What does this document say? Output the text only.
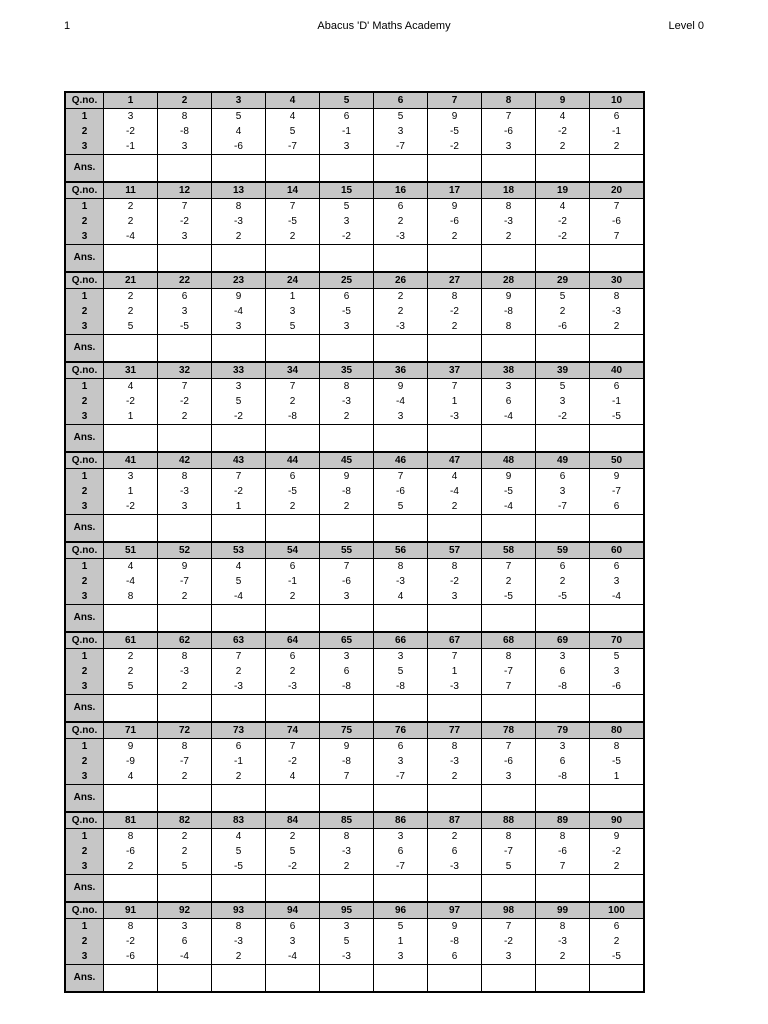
1	Abacus 'D' Maths Academy	Level 0
Q.no.	1	2	3	4	5	6	7	8	9	10
1	3	8	5	4	6	5	9	7	4	6
2	-2	-8	4	5	-1	3	-5	-6	-2	-1
3	-1	3	-6	-7	3	-7	-2	3	2	2
Ans.										
Q.no.	11	12	13	14	15	16	17	18	19	20
1	2	7	8	7	5	6	9	8	4	7
2	2	-2	-3	-5	3	2	-6	-3	-2	-6
3	-4	3	2	2	-2	-3	2	2	-2	7
Ans.										
Q.no.	21	22	23	24	25	26	27	28	29	30
1	2	6	9	1	6	2	8	9	5	8
2	2	3	-4	3	-5	2	-2	-8	2	-3
3	5	-5	3	5	3	-3	2	8	-6	2
Ans.										
Q.no.	31	32	33	34	35	36	37	38	39	40
1	4	7	3	7	8	9	7	3	5	6
2	-2	-2	5	2	-3	-4	1	6	3	-1
3	1	2	-2	-8	2	3	-3	-4	-2	-5
Ans.										
Q.no.	41	42	43	44	45	46	47	48	49	50
1	3	8	7	6	9	7	4	9	6	9
2	1	-3	-2	-5	-8	-6	-4	-5	3	-7
3	-2	3	1	2	2	5	2	-4	-7	6
Ans.										
Q.no.	51	52	53	54	55	56	57	58	59	60
1	4	9	4	6	7	8	8	7	6	6
2	-4	-7	5	-1	-6	-3	-2	2	2	3
3	8	2	-4	2	3	4	3	-5	-5	-4
Ans.										
Q.no.	61	62	63	64	65	66	67	68	69	70
1	2	8	7	6	3	3	7	8	3	5
2	2	-3	2	2	6	5	1	-7	6	3
3	5	2	-3	-3	-8	-8	-3	7	-8	-6
Ans.										
Q.no.	71	72	73	74	75	76	77	78	79	80
1	9	8	6	7	9	6	8	7	3	8
2	-9	-7	-1	-2	-8	3	-3	-6	6	-5
3	4	2	2	4	7	-7	2	3	-8	1
Ans.										
Q.no.	81	82	83	84	85	86	87	88	89	90
1	8	2	4	2	8	3	2	8	8	9
2	-6	2	5	5	-3	6	6	-7	-6	-2
3	2	5	-5	-2	2	-7	-3	5	7	2
Ans.										
Q.no.	91	92	93	94	95	96	97	98	99	100
1	8	3	8	6	3	5	9	7	8	6
2	-2	6	-3	3	5	1	-8	-2	-3	2
3	-6	-4	2	-4	-3	3	6	3	2	-5
Ans.										
